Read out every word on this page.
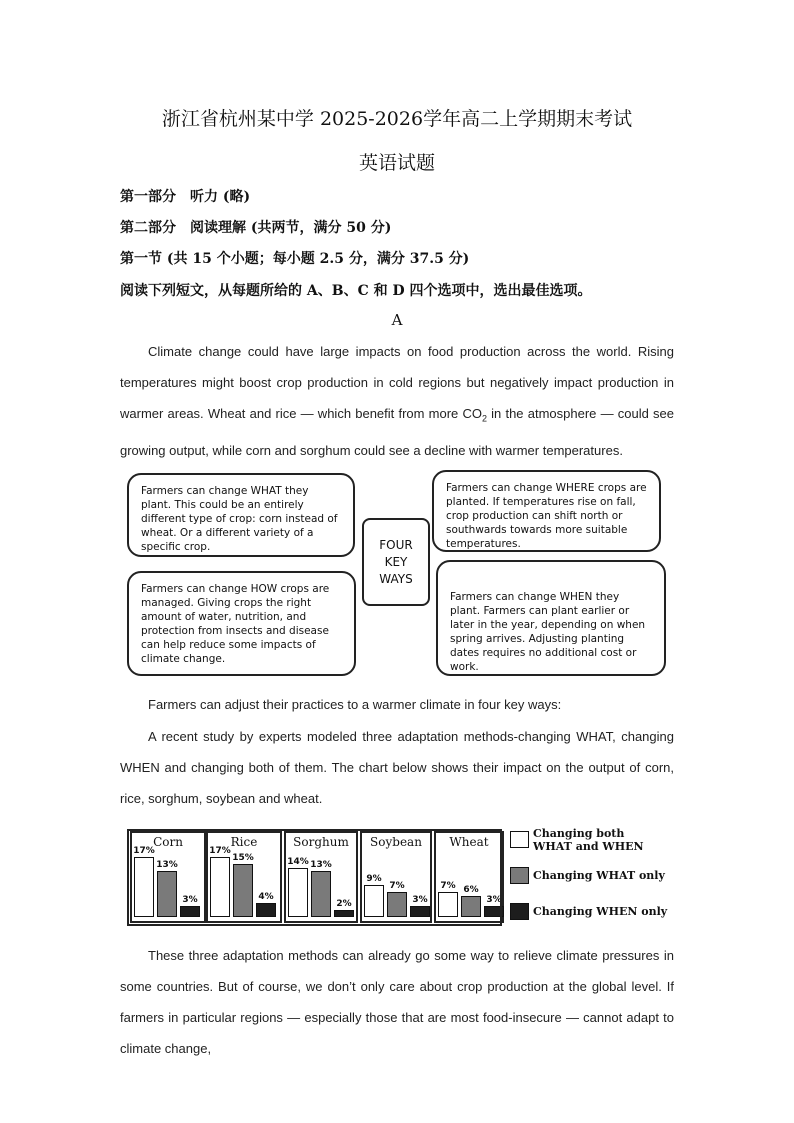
浙江省杭州某中学 2025-2026学年高二上学期期末考试
英语试题
第一部分　听力 (略)
第二部分　阅读理解 (共两节，满分 50 分)
第一节 (共 15 个小题；每小题 2.5 分，满分 37.5 分)
阅读下列短文，从每题所给的 A、B、C 和 D 四个选项中，选出最佳选项。
A
Climate change could have large impacts on food production across the world. Rising temperatures might boost crop production in cold regions but negatively impact production in warmer areas. Wheat and rice — which benefit from more $CO_2$ in the atmosphere — could see growing output, while corn and sorghum could see a decline with warmer temperatures.
Farmers can change WHAT they plant. This could be an entirely different type of crop: corn instead of wheat. Or a different variety of a specific crop.
Farmers can change WHERE crops are planted. If temperatures rise on fall, crop production can shift north or southwards towards more suitable temperatures.
Farmers can change HOW crops are managed. Giving crops the right amount of water, nutrition, and protection from insects and disease can help reduce some impacts of climate change.
Farmers can change WHEN they plant. Farmers can plant earlier or later in the year, depending on when spring arrives. Adjusting planting dates requires no additional cost or work.
FOUR
KEY
WAYS
Farmers can adjust their practices to a warmer climate in four key ways:
A recent study by experts modeled three adaptation methods-changing WHAT, changing WHEN and changing both of them. The chart below shows their impact on the output of corn, rice, sorghum, soybean and wheat.
Corn
17%
13%
3%
Rice
17%
15%
4%
Sorghum
14% 13%
2%
Soybean
9%
7%
3%
Wheat
7% 6%
3%
Changing both WHAT and WHEN
Changing WHAT only
Changing WHEN only
These three adaptation methods can already go some way to relieve climate pressures in some countries. But of course, we don’t only care about crop production at the global level. If farmers in particular regions — especially those that are most food-insecure — cannot adapt to climate change,
